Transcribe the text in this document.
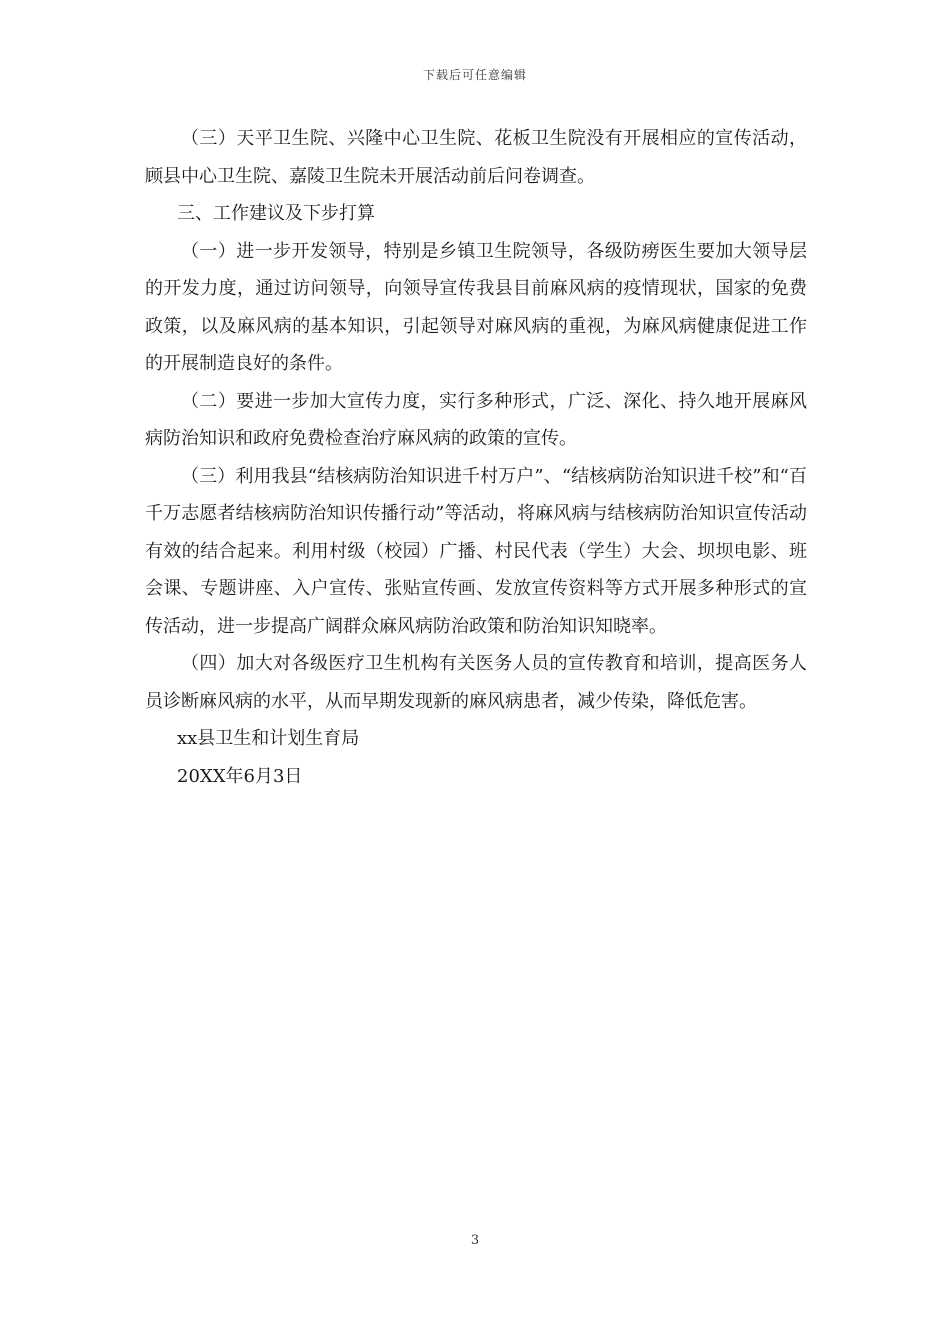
下载后可任意编辑

（三）天平卫生院、兴隆中心卫生院、花板卫生院没有开展相应的宣传活动，顾县中心卫生院、嘉陵卫生院未开展活动前后问卷调查。

三、工作建议及下步打算

（一）进一步开发领导，特别是乡镇卫生院领导，各级防痨医生要加大领导层的开发力度，通过访问领导，向领导宣传我县目前麻风病的疫情现状，国家的免费政策，以及麻风病的基本知识，引起领导对麻风病的重视，为麻风病健康促进工作的开展制造良好的条件。

（二）要进一步加大宣传力度，实行多种形式，广泛、深化、持久地开展麻风病防治知识和政府免费检查治疗麻风病的政策的宣传。

（三）利用我县“结核病防治知识进千村万户”、“结核病防治知识进千校”和“百千万志愿者结核病防治知识传播行动”等活动，将麻风病与结核病防治知识宣传活动有效的结合起来。利用村级（校园）广播、村民代表（学生）大会、坝坝电影、班会课、专题讲座、入户宣传、张贴宣传画、发放宣传资料等方式开展多种形式的宣传活动，进一步提高广阔群众麻风病防治政策和防治知识知晓率。

（四）加大对各级医疗卫生机构有关医务人员的宣传教育和培训，提高医务人员诊断麻风病的水平，从而早期发现新的麻风病患者，减少传染，降低危害。

xx县卫生和计划生育局

20XX年6月3日

3
